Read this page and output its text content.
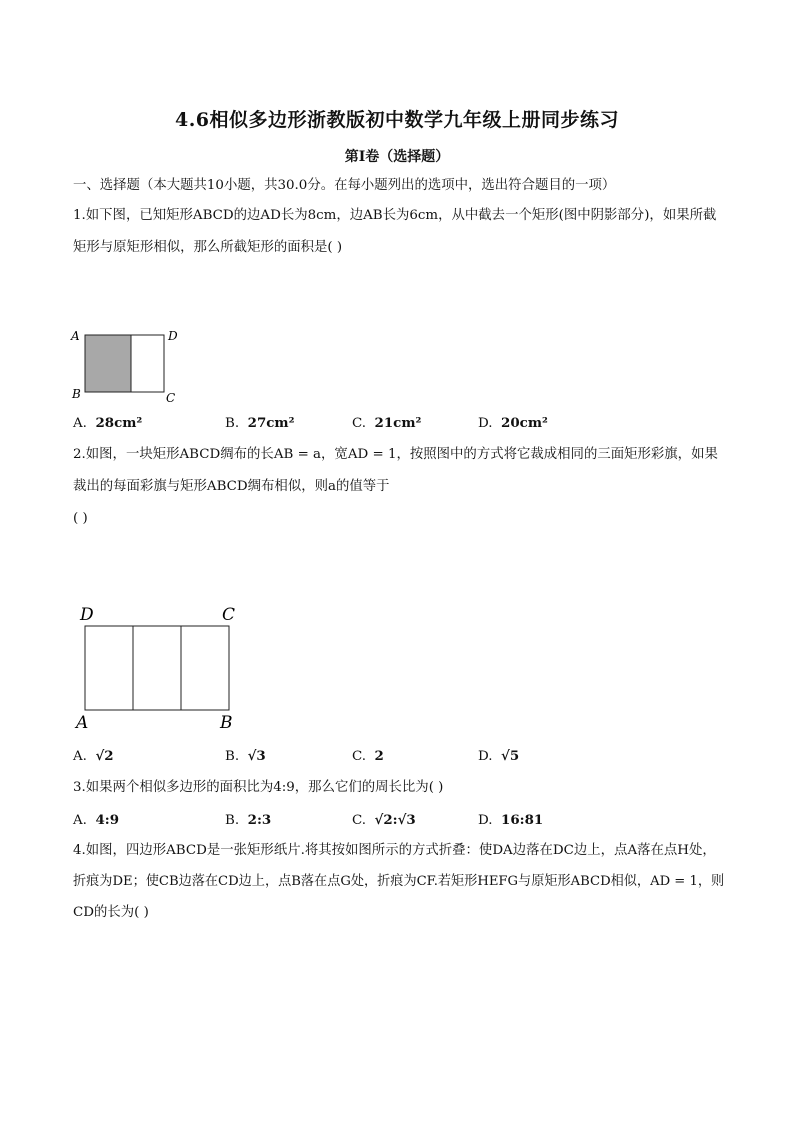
4.6相似多边形浙教版初中数学九年级上册同步练习
第I卷（选择题）
一、选择题（本大题共10小题，共30.0分。在每小题列出的选项中，选出符合题目的一项）
1.如下图，已知矩形ABCD的边AD长为8cm，边AB长为6cm，从中截去一个矩形(图中阴影部分)，如果所截
矩形与原矩形相似，那么所截矩形的面积是( )
A	D
B	C
A. 28cm²	B. 27cm²	C. 21cm²	D. 20cm²
2.如图，一块矩形ABCD绸布的长AB = a，宽AD = 1，按照图中的方式将它裁成相同的三面矩形彩旗，如果
裁出的每面彩旗与矩形ABCD绸布相似，则a的值等于
( )
D	C
A	B
A. √2	B. √3	C. 2	D. √5
3.如果两个相似多边形的面积比为4:9，那么它们的周长比为( )
A. 4:9	B. 2:3	C. √2:√3	D. 16:81
4.如图，四边形ABCD是一张矩形纸片.将其按如图所示的方式折叠：使DA边落在DC边上，点A落在点H处，
折痕为DE；使CB边落在CD边上，点B落在点G处，折痕为CF.若矩形HEFG与原矩形ABCD相似，AD = 1，则
CD的长为( )
